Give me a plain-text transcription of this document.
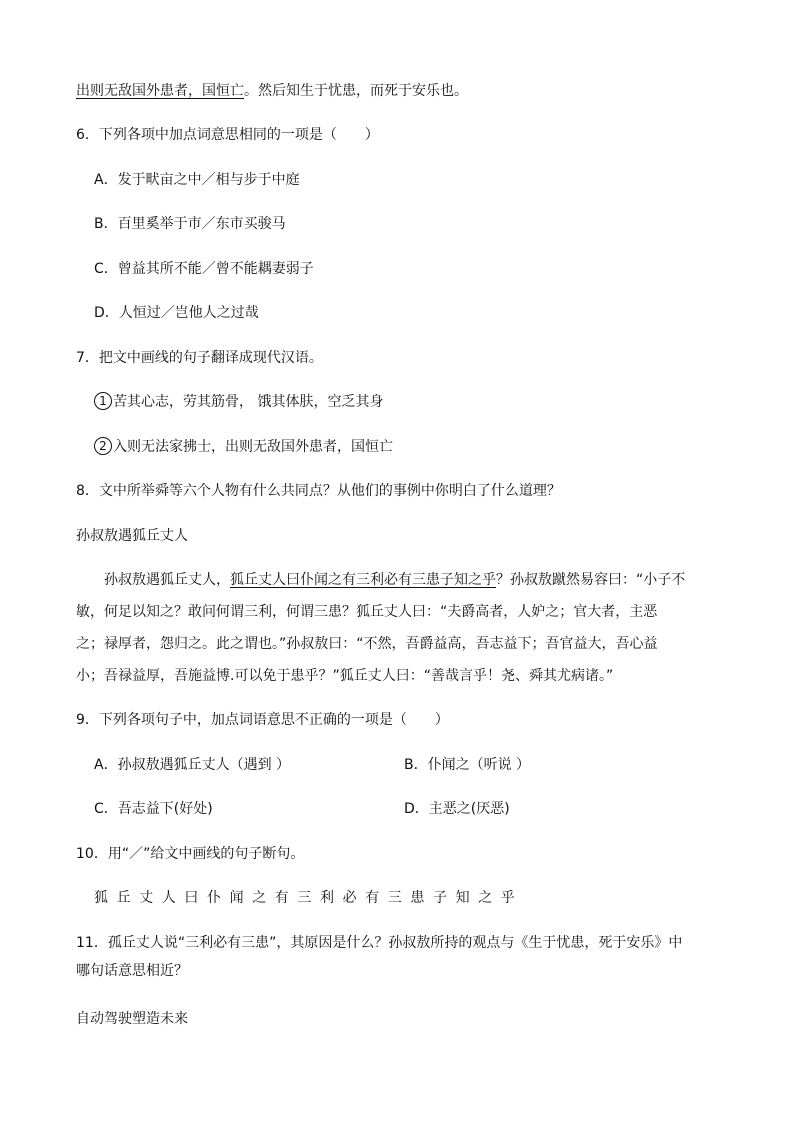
出则无敌国外患者，国恒亡。然后知生于忧患，而死于安乐也。
6．下列各项中加点词意思相同的一项是（　　）
A．发于畎亩之中／相与步于中庭
B．百里奚举于市／东市买骏马
C．曾益其所不能／曾不能耦妻弱子
D．人恒过／岂他人之过哉
7．把文中画线的句子翻译成现代汉语。
1 苦其心志，劳其筋骨， 饿其体肤，空乏其身
2 入则无法家拂士，出则无敌国外患者，国恒亡
8．文中所举舜等六个人物有什么共同点？从他们的事例中你明白了什么道理？
孙叔敖遇狐丘丈人
孙叔敖遇狐丘丈人，狐丘丈人曰仆闻之有三利必有三患子知之乎？孙叔敖蹴然易容曰：“小子不
敏，何足以知之？敢问何谓三利，何谓三患？狐丘丈人曰：“夫爵高者，人妒之；官大者，主恶
之；禄厚者，怨归之。此之谓也。”孙叔敖曰：“不然，吾爵益高，吾志益下；吾官益大，吾心益
小；吾禄益厚，吾施益博.可以免于患乎？”狐丘丈人曰：“善哉言乎！尧、舜其尤病诸。”
9．下列各项句子中，加点词语意思不正确的一项是（　　）
A．孙叔敖遇狐丘丈人（遇到 ）	B．仆闻之（听说 ）
C．吾志益下(好处)	D．主恶之(厌恶)
10．用“／”给文中画线的句子断句。
狐丘丈人曰仆闻之有三利必有三患子知之乎
11．孤丘丈人说“三利必有三患”，其原因是什么？孙叔敖所持的观点与《生于忧患，死于安乐》中
哪句话意思相近？
自动驾驶塑造未来
